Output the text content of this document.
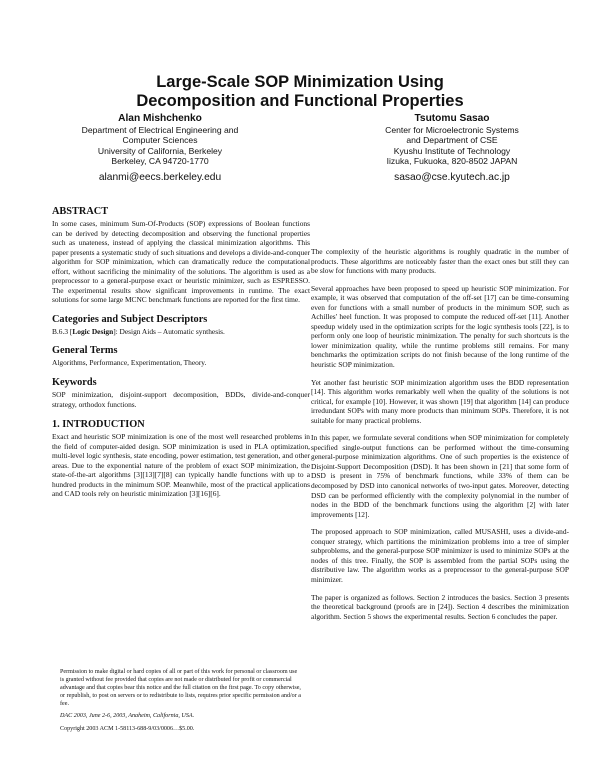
Large-Scale SOP Minimization Using
Decomposition and Functional Properties
Alan Mishchenko
Department of Electrical Engineering and
Computer Sciences
University of California, Berkeley
Berkeley, CA 94720-1770
alanmi@eecs.berkeley.edu
Tsutomu Sasao
Center for Microelectronic Systems
and Department of CSE
Kyushu Institute of Technology
Iizuka, Fukuoka, 820-8502 JAPAN
sasao@cse.kyutech.ac.jp
ABSTRACT

In some cases, minimum Sum-Of-Products (SOP) expressions of Boolean functions can be derived by detecting decomposition and observing the functional properties such as unateness, instead of applying the classical minimization algorithms. This paper presents a systematic study of such situations and develops a divide-and-conquer algorithm for SOP minimization, which can dramatically reduce the computational effort, without sacrificing the minimality of the solutions. The algorithm is used as a preprocessor to a general-purpose exact or heuristic minimizer, such as ESPRESSO. The experimental results show significant improvements in runtime. The exact solutions for some large MCNC benchmark functions are reported for the first time.

Categories and Subject Descriptors

B.6.3 [Logic Design]: Design Aids – Automatic synthesis.

General Terms

Algorithms, Performance, Experimentation, Theory.

Keywords

SOP minimization, disjoint-support decomposition, BDDs, divide-and-conquer strategy, orthodox functions.

1. INTRODUCTION

Exact and heuristic SOP minimization is one of the most well researched problems in the field of computer-aided design. SOP minimization is used in PLA optimization, multi-level logic synthesis, state encoding, power estimation, test generation, and other areas. Due to the exponential nature of the problem of exact SOP minimization, the state-of-the-art algorithms [3][13][7][8] can typically handle functions with up to a hundred products in the minimum SOP. Meanwhile, most of the practical applications and CAD tools rely on heuristic minimization [3][16][6].

Permission to make digital or hard copies of all or part of this work for personal or classroom use is granted without fee provided that copies are not made or distributed for profit or commercial advantage and that copies bear this notice and the full citation on the first page. To copy otherwise, or republish, to post on servers or to redistribute to lists, requires prior specific permission and/or a fee.

DAC 2003, June 2-6, 2003, Anaheim, California, USA.

Copyright 2003 ACM 1-58113-688-9/03/0006…$5.00.

The complexity of the heuristic algorithms is roughly quadratic in the number of products. These algorithms are noticeably faster than the exact ones but still they can be slow for functions with many products.

Several approaches have been proposed to speed up heuristic SOP minimization. For example, it was observed that computation of the off-set [17] can be time-consuming even for functions with a small number of products in the minimum SOP, such as Achilles' heel function. It was proposed to compute the reduced off-set [11]. Another speedup widely used in the optimization scripts for the logic synthesis tools [22], is to perform only one loop of heuristic minimization. The penalty for such shortcuts is the lower minimization quality, while the runtime problems still remains. For many benchmarks the optimization scripts do not finish because of the long runtime of the heuristic SOP minimization.

Yet another fast heuristic SOP minimization algorithm uses the BDD representation [14]. This algorithm works remarkably well when the quality of the solutions is not critical, for example [10]. However, it was shown [19] that algorithm [14] can produce irredundant SOPs with many more products than minimum SOPs. Therefore, it is not suitable for many practical problems.

In this paper, we formulate several conditions when SOP minimization for completely specified single-output functions can be performed without the time-consuming general-purpose minimization algorithms. One of such properties is the existence of Disjoint-Support Decomposition (DSD). It has been shown in [21] that some form of DSD is present in 75% of benchmark functions, while 33% of them can be decomposed by DSD into canonical networks of two-input gates. Moreover, detecting DSD can be performed efficiently with the complexity polynomial in the number of nodes in the BDD of the benchmark functions using the algorithm [2] with later improvements [12].

The proposed approach to SOP minimization, called MUSASHI, uses a divide-and-conquer strategy, which partitions the minimization problems into a tree of simpler subproblems, and the general-purpose SOP minimizer is used to minimize SOPs at the nodes of this tree. Finally, the SOP is assembled from the partial SOPs using the distributive law. The algorithm works as a preprocessor to the general-purpose SOP minimizer.

The paper is organized as follows. Section 2 introduces the basics. Section 3 presents the theoretical background (proofs are in [24]). Section 4 describes the minimization algorithm. Section 5 shows the experimental results. Section 6 concludes the paper.
